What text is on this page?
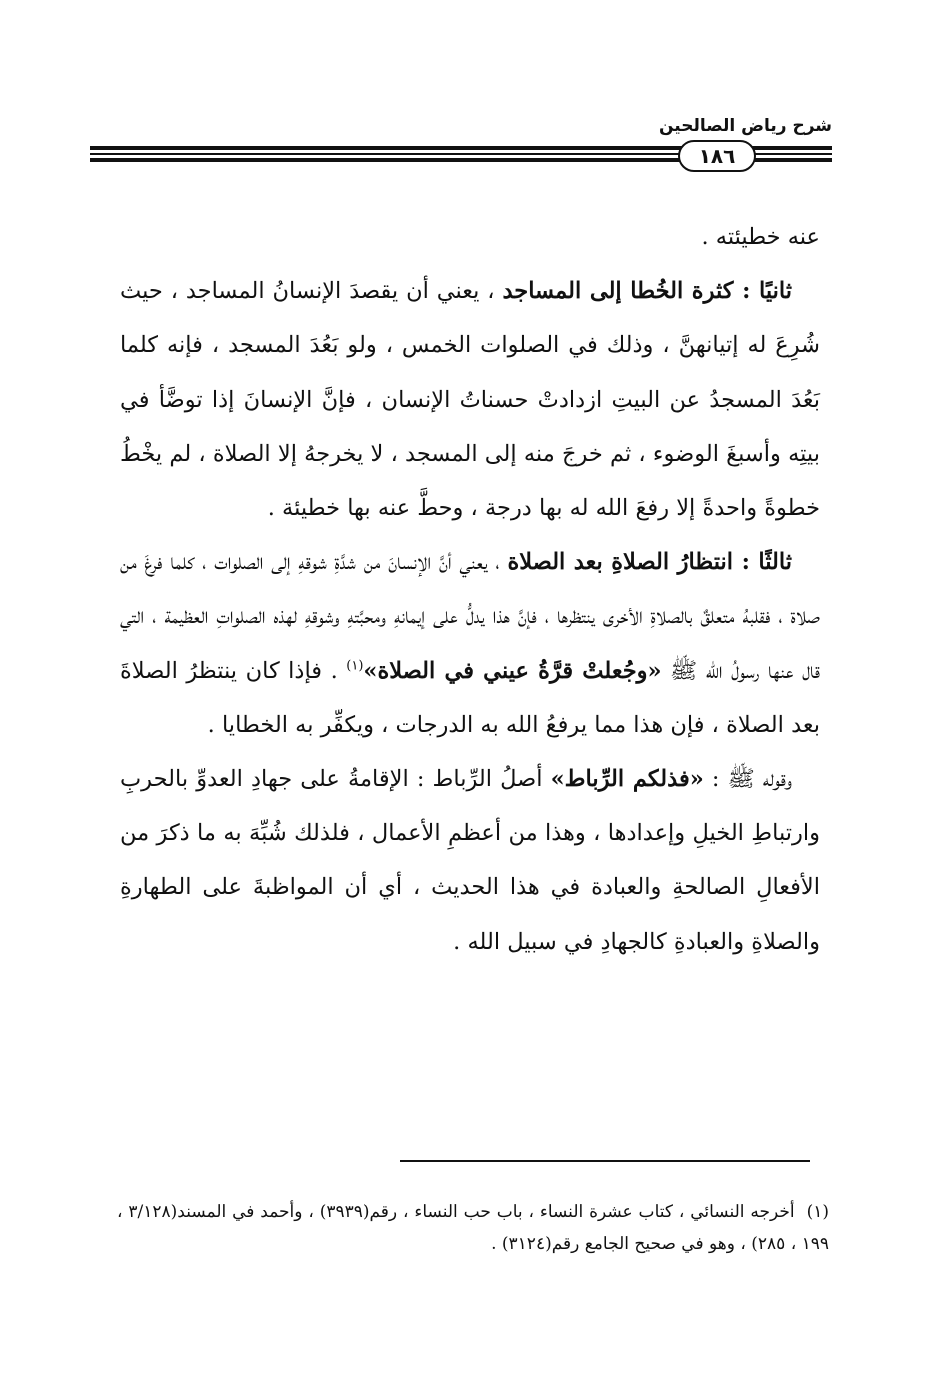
شرح رياض الصالحين
١٨٦

عنه خطيئته .

ثانيًا : كثرة الخُطا إلى المساجد ، يعني أن يقصدَ الإنسانُ المساجد ، حيث شُرِعَ له إتيانهنَّ ، وذلك في الصلوات الخمس ، ولو بَعُدَ المسجد ، فإنه كلما بَعُدَ المسجدُ عن البيتِ ازدادتْ حسناتُ الإنسان ، فإنَّ الإنسانَ إذا توضَّأ في بيتِه وأسبغَ الوضوء ، ثم خرجَ منه إلى المسجد ، لا يخرجهُ إلا الصلاة ، لم يخْطُ خطوةً واحدةً إلا رفعَ الله له بها درجة ، وحطَّ عنه بها خطيئة .

ثالثًا : انتظارُ الصلاةِ بعد الصلاة ، يعني أنَّ الإنسانَ من شدَّةِ شوقهِ إلى الصلوات ، كلما فرغَ من صلاة ، فقلبهُ متعلقٌ بالصلاةِ الأخرى ينتظرها ، فإنَّ هذا يدلُّ على إيمانهِ ومحبَّتهِ وشوقهِ لهذه الصلواتِ العظيمة ، التي قال عنها رسولُ الله ﷺ «وجُعلتْ قرَّةُ عيني في الصلاة»$^{(١)}$ . فإذا كان ينتظرُ الصلاةَ بعد الصلاة ، فإن هذا مما يرفعُ الله به الدرجات ، ويكفِّر به الخطايا .

وقوله ﷺ : «فذلكم الرِّباط» أصلُ الرِّباط : الإقامةُ على جهادِ العدوِّ بالحربِ وارتباطِ الخيلِ وإعدادها ، وهذا من أعظمِ الأعمال ، فلذلك شُبِّهَ به ما ذكرَ من الأفعالِ الصالحةِ والعبادة في هذا الحديث ، أي أن المواظبةَ على الطهارةِ والصلاةِ والعبادةِ كالجهادِ في سبيل الله .

(١)أخرجه النسائي ، كتاب عشرة النساء ، باب حب النساء ، رقم(٣٩٣٩) ، وأحمد في المسند(٣/١٢٨ ، ١٩٩ ، ٢٨٥) ، وهو في صحيح الجامع رقم(٣١٢٤) .
